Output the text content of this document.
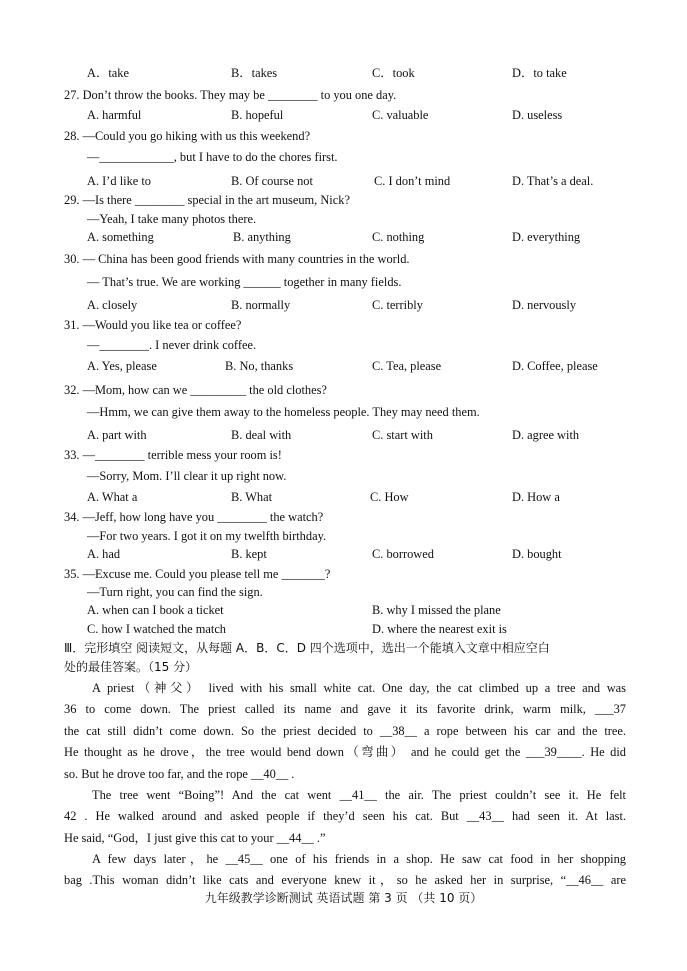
A．take	B．takes	C．took	D．to take
27. Don’t throw the books. They may be ________ to you one day.
A. harmful	B. hopeful	C. valuable	D. useless
28. —Could you go hiking with us this weekend?
—____________, but I have to do the chores first.
A. I’d like to	B. Of course not	C. I don’t mind	D. That’s a deal.
29. —Is there ________ special in the art museum, Nick?
—Yeah, I take many photos there.
A. something	B. anything	C. nothing	D. everything
30. — China has been good friends with many countries in the world.
— That’s true. We are working ______ together in many fields.
A. closely	B. normally	C. terribly	D. nervously
31. —Would you like tea or coffee?
—________. I never drink coffee.
A. Yes, please	B. No, thanks	C. Tea, please	D. Coffee, please
32. —Mom, how can we _________ the old clothes?
—Hmm, we can give them away to the homeless people. They may need them.
A. part with	B. deal with	C. start with	D. agree with
33. —________ terrible mess your room is!
—Sorry, Mom. I’ll clear it up right now.
A. What a	B. What	C. How	D. How a
34. —Jeff, how long have you ________ the watch?
—For two years. I got it on my twelfth birthday.
A. had	B. kept	C. borrowed	D. bought
35. —Excuse me. Could you please tell me _______?
—Turn right, you can find the sign.
A. when can I book a ticket	B. why I missed the plane
C. how I watched the match	D. where the nearest exit is
Ⅲ．完形填空 阅读短文，从每题 A．B．C．D 四个选项中，选出一个能填入文章中相应空白
处的最佳答案。（15 分）
A priest（神父） lived with his small white cat. One day, the cat climbed up a tree and was
36 to come down. The priest called its name and gave it its favorite drink, warm milk, ___37
the cat still didn’t come down. So the priest decided to __38__ a rope between his car and the tree.
He thought as he drove，the tree would bend down（弯曲） and he could get the ___39____. He did
so. But he drove too far, and the rope __40__ .
The tree went “Boing”! And the cat went __41__ the air. The priest couldn’t see it. He felt
42 . He walked around and asked people if they’d seen his cat. But __43__ had seen it. At last.
He said, “God，I just give this cat to your __44__ .”
A few days later，he __45__ one of his friends in a shop. He saw cat food in her shopping
bag .This woman didn’t like cats and everyone knew it，so he asked her in surprise, “__46__ are
九年级教学诊断测试 英语试题 第 3 页 （共 10 页）
